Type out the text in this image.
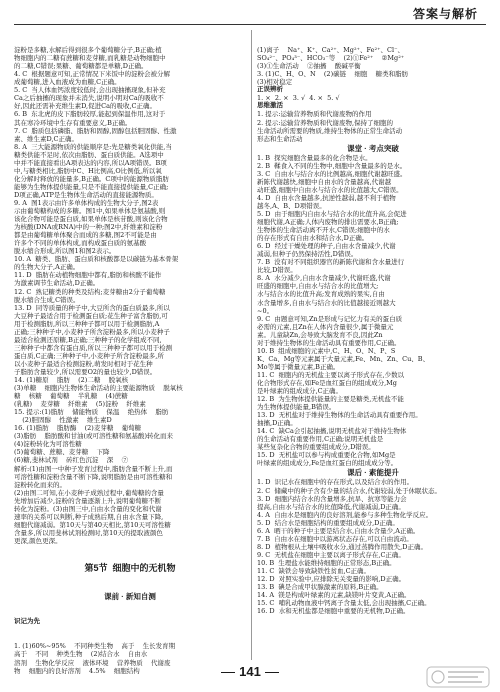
答案与解析

淀粉是多糖,水解后得到很多个葡萄糖分子,B正确;植
物细胞内的二糖有蔗糖和麦芽糖,而乳糖是动物细胞中
的二糖,C错误;果糖、葡萄糖都是单糖,D正确。
4. C  根据题意可知,正常情况下米饭中的淀粉会被分解
成葡萄糖,进入血液成为血糖,C正确。
5. C  当人体血钙浓度较低时,会出现抽搐现象,但补充
Ca之后抽搐的现象并未消失,说明小明对Ca的吸收不
好,因此还需补充维生素D,促进Ca的吸收,C正确。
6. B  东北虎的皮下脂肪较厚,能起到保温作用,这对于
其在寒冷环境中生存有重要意义,B正确。
7. C  脂质包括磷脂、脂肪和固醇,固醇包括胆固醇、性激
素、维生素D,C正确。
8. A  三大能源物质的供能顺序是:先是糖类氧化供能,当
糖类供能不足时,依次由脂肪、蛋白质供能。A选项中
中并不能直接看出A项表达的内容,所以A项错误。B项
中,与糖类相比,脂肪中C、H比例高,O比例低,所以氧
化分解时释放的能量多,B正确。C项中的能源物质脂肪
能够为生物体提供能量,只是不能直接提供能量,C正确;
D项正确,ATP是生物体生命活动的直接能源物质。
9. A  图1表示由许多单体构成的生物大分子,图2表
示由葡萄糖构成的多糖。图1中,如果单体是氨基酸,则
该化合物可能是蛋白质,如果单体是核苷酸,则该化合物
为核酸(DNA或RNA)中的一种;图2中,纤维素和淀粉
都是由葡萄糖单体聚合而成的多糖,图2不可能是由
许多个不同的单体构成,而构成蛋白质的氨基酸
脱水缩合形成,所以图1和图2表示。
10. A  糖类、脂肪、蛋白质和核酸都是以碳链为基本骨架
的生物大分子,A正确。
11. D  脂肪在动植物细胞中都有,脂肪和核酸不能作
为激素调节生命活动,D正确。
12. C  熟记糖类的种类及结构;麦芽糖由2分子葡萄糖
脱水缩合生成,C错误。
13. D  同等质量的种子中,大豆所含的蛋白质最多,所以
大豆种子最适合用于检测蛋白质;花生种子富含脂肪,可
用于检测脂肪,所以三种种子都可以用于检测脂肪,A
正确;三种种子中,小麦种子所含淀粉最多,所以小麦种子
最适合检测还原糖,B正确;三种种子的化学组成不同,
三种种子中都含有蛋白质,所以三种种子都可以用于检测
蛋白质,C正确;三种种子中,小麦种子所含淀粉最多,所
以小麦种子最适合检测淀粉,萌发时相对于花生种
子脂肪含量较少,所以需要O2的量也较少,D错误。
14. (1)糖原    脂肪    (2)二糖    脱氧核
(3)单糖    细胞内生物体生命活动的主要能源物质    脱氧核
糖    核糖    葡萄糖    半乳糖    (4)蔗糖
(乳糖)    麦芽糖    纤维素    (5)淀粉    纤维素
15. 提示:(1)脂肪    储能物质    保温    绝热体    脂肪
(2)胆固醇    性激素    维生素D
16. (1)脂肪    脂肪酶    (2)麦芽糖    葡萄糖
(3)脂肪    脂肪酸和甘油(或可溶性糖和氨基酸)转化而来
(4)淀粉转化为可溶性糖
(5)葡萄糖、蔗糖、麦芽糖    下降
(6)糖,斐林试剂    砖红色沉淀    深    ⑦
解析:(1)由图一中种子发育过程中,脂肪含量不断上升,而
可溶性糖和淀粉含量不断下降,说明脂肪是由可溶性糖和
淀粉转化而来的。
(2)由图二可知,在小麦种子成熟过程中,葡萄糖的含量
先增加后减少,淀粉的含量逐渐上升,说明葡萄糖不断
转化为淀粉。(3)由图三中,自由水含量的变化和代谢
速率的关系可以判断,种子成熟后期,自由水含量下降,
细胞代谢减弱。第10天与第40天相比,第10天可溶性糖
含量多,所以用斐林试剂检测时,第10天的提取液颜色
更深,颜色更深。

第5节  细胞中的无机物

课前 · 新知自测

识记为先

1. (1)60%~95%    不同种类生物    高于    生长发育期
高于    不同    种类生物    (2)结合水    自由水
溶剂    生物化学反应    液体环境    营养物质    代谢废
物    细胞内的良好溶剂    4.5%    细胞结构

(1)离子    Na⁺、K⁺、Ca²⁺、Mg²⁺、Fe²⁺、Cl⁻、
SO₄²⁻、PO₄³⁻、HCO₃⁻等    (2)①Fe²⁺    ②Mg²⁺
(3)①生命活动    ②抽搐    酸碱平衡
3. (1)C、H、O、N    (2)碳链    细胞    糖类和脂肪
(3)相对稳定
正误辨析
1. ×  2. ×  3. √  4. ×  5. √
思维激活
1. 提示:运输营养物质和代谢废物的作用
2. 提示:运输营养物质和代谢废物,保持了细胞的
生命活动所需要的物质,维持生物体的正常生命活动
形态和生命活动
课堂 · 考点突破
1. B  探究细胞含量最多的化合物是水。
2. B  鞣食入不同的生物中,细胞中含量最多的是水。
3. C  自由水与结合水的比例越高,细胞代谢越旺盛。
新陈代谢越快,细胞中自由水的含量越高,代谢越
动旺盛,细胞中自由水与结合水的比值越大,C错误。
4. D  自由水含量越多,抗逆性越弱,越不利于植物
越冬,A、B、D项错误。
5. D  由于细胞内自由水与结合水的比值升高,会促进
细胞代谢,A正确;人体内废物的排出需要水,B正确;
生物体的生命活动离不开水,C错误;细胞中的水
的存在形式有自由水和结合水,D正确。
6. D  经过干燥处理的种子,自由水含量减少,代谢
减弱,但种子仍然保持活性,D错误。
7. B  没有对不同组织器官的新陈代谢和含水量进行
比较,D错误。
8. A  水分减少,自由水含量减少,代谢旺盛,代谢
旺盛的细胞中,自由水与结合水的比值增大;
水与结合水的比值升高;发育成熟的果实,自由
水含量增多,自由水与结合水的比值越接近则越大
~0。
9. C  由题意可知,Zn是形成与记忆力有关的蛋白质
必需的元素,且Zn在人体内含量很少,属于微量元
素。儿童缺Zn,会导致大脑发育不良,因此Zn
对于维持生物体的生命活动具有重要作用,C正确。
10. B  组成细胞的元素中,C、H、O、N、P、S
K、Ca、Mg等元素属于大量元素,Fe、Mn、Zn、Cu、B、
Mo等属于微量元素,B正确。
11. C  细胞内的无机盐主要以离子形式存在,少数以
化合物形式存在,如Fe是血红蛋白的组成成分,Mg
是叶绿素的组成成分,C正确。
12. B  为生物体提供能量的主要是糖类,无机盐不能
为生物体提供能量,B错误。
13. D  无机盐对于维持生物体的生命活动具有重要作用。
抽搐,D正确。
14. C  缺Ca会引起抽搐,说明无机盐对于维持生物体
的生命活动有重要作用,C正确;说明无机盐是
某些复杂化合物的重要组成成分,D错误。
15. D  无机盐可以参与构成重要化合物,如Mg是
叶绿素的组成成分,Fe是血红蛋白的组成成分等。
课后 · 素能提升
1. D  识记水在细胞中的存在形式,以及结合水的作用。
2. C  储藏中的种子含有少量的结合水,代谢较弱,处于休眠状态。
3. D  细胞内结合水的含量增多,抗旱、抗寒等能力会
提高,自由水与结合水的比值降低,代谢减弱,D正确。
4. A  自由水是细胞内的良好溶剂,能参与多种生物化学反应。
5. D  结合水是细胞结构的重要组成成分,D正确。
6. A  晒干的种子中主要是结合水,自由水含量少,A正确。
7. B  自由水在细胞中以游离状态存在,可以自由流动。
8. D  植物根从土壤中吸收水分,通过蒸腾作用散失,D正确。
9. C  无机盐在细胞中主要以离子形式存在,C正确。
10. B  生理盐水能维持细胞的正常形态,B正确。
11. C  缺铁会导致缺铁性贫血,C正确。
12. D  对照实验中,应排除无关变量的影响,D正确。
13. B  碘是合成甲状腺激素的原料,B正确。
14. A  镁是构成叶绿素的元素,缺镁叶片变黄,A正确。
15. C  哺乳动物血液中钙离子含量太低,会出现抽搐,C正确。
16. D  水和无机盐都是细胞中重要的无机物,D正确。

141
